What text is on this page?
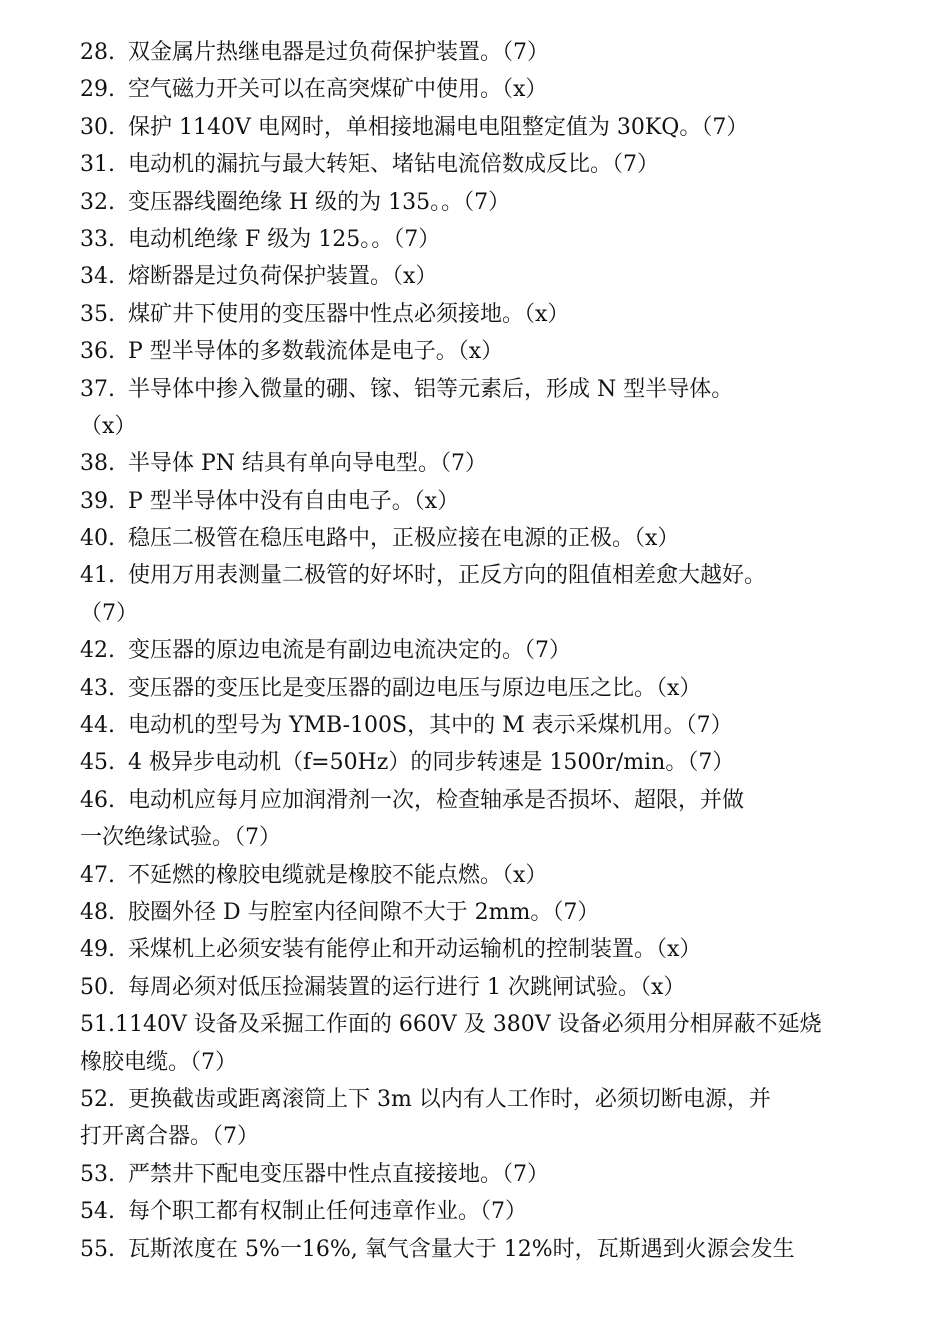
28. 双金属片热继电器是过负荷保护装置。（7）
29. 空气磁力开关可以在高突煤矿中使用。（x）
30. 保护 1140V 电网时，单相接地漏电电阻整定值为 30KQ。（7）
31. 电动机的漏抗与最大转矩、堵钻电流倍数成反比。（7）
32. 变压器线圈绝缘 H 级的为 135。。（7）
33. 电动机绝缘 F 级为 125。。（7）
34. 熔断器是过负荷保护装置。（x）
35. 煤矿井下使用的变压器中性点必须接地。（x）
36. P 型半导体的多数载流体是电子。（x）
37. 半导体中掺入微量的硼、镓、铝等元素后，形成 N 型半导体。
（x）
38. 半导体 PN 结具有单向导电型。（7）
39. P 型半导体中没有自由电子。（x）
40. 稳压二极管在稳压电路中，正极应接在电源的正极。（x）
41. 使用万用表测量二极管的好坏时，正反方向的阻值相差愈大越好。
（7）
42. 变压器的原边电流是有副边电流决定的。（7）
43. 变压器的变压比是变压器的副边电压与原边电压之比。（x）
44. 电动机的型号为 YMB-100S，其中的 M 表示采煤机用。（7）
45. 4 极异步电动机（f=50Hz）的同步转速是 1500r/min。（7）
46. 电动机应每月应加润滑剂一次，检查轴承是否损坏、超限，并做
一次绝缘试验。（7）
47. 不延燃的橡胶电缆就是橡胶不能点燃。（x）
48. 胶圈外径 D 与腔室内径间隙不大于 2mm。（7）
49. 采煤机上必须安装有能停止和开动运输机的控制装置。（x）
50. 每周必须对低压捡漏装置的运行进行 1 次跳闸试验。（x）
51.1140V 设备及采掘工作面的 660V 及 380V 设备必须用分相屏蔽不延烧
橡胶电缆。（7）
52. 更换截齿或距离滚筒上下 3m 以内有人工作时，必须切断电源，并
打开离合器。（7）
53. 严禁井下配电变压器中性点直接接地。（7）
54. 每个职工都有权制止任何违章作业。（7）
55. 瓦斯浓度在 5%一16%, 氧气含量大于 12%时，瓦斯遇到火源会发生
